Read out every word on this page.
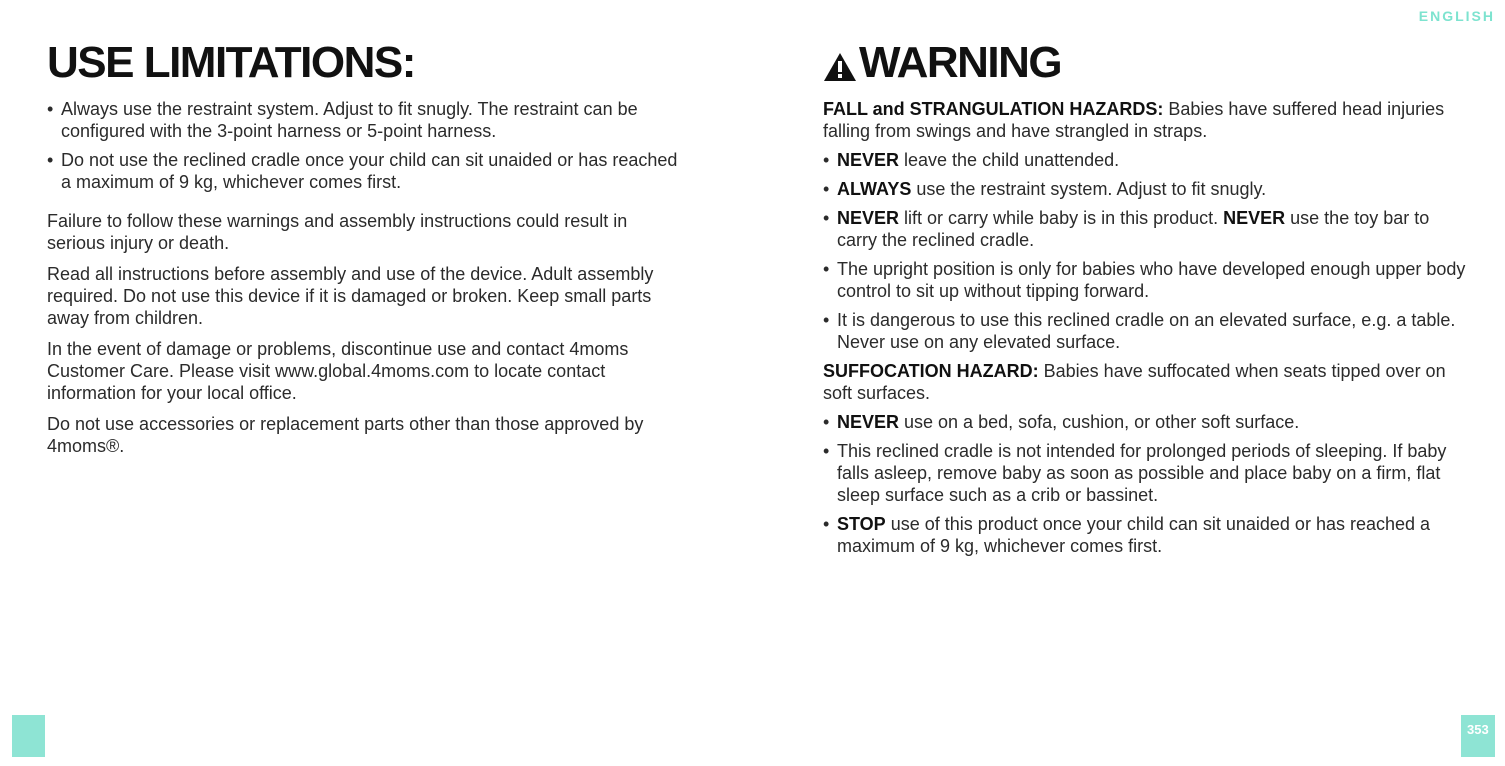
ENGLISH
USE LIMITATIONS:
• Always use the restraint system. Adjust to fit snugly. The restraint can be configured with the 3-point harness or 5-point harness.
• Do not use the reclined cradle once your child can sit unaided or has reached a maximum of 9 kg, whichever comes first.

Failure to follow these warnings and assembly instructions could result in serious injury or death.

Read all instructions before assembly and use of the device. Adult assembly required. Do not use this device if it is damaged or broken. Keep small parts away from children.

In the event of damage or problems, discontinue use and contact 4moms Customer Care. Please visit www.global.4moms.com to locate contact information for your local office.

Do not use accessories or replacement parts other than those approved by 4moms®.

WARNING

FALL and STRANGULATION HAZARDS: Babies have suffered head injuries falling from swings and have strangled in straps.

• NEVER leave the child unattended.
• ALWAYS use the restraint system. Adjust to fit snugly.
• NEVER lift or carry while baby is in this product. NEVER use the toy bar to carry the reclined cradle.
• The upright position is only for babies who have developed enough upper body control to sit up without tipping forward.
• It is dangerous to use this reclined cradle on an elevated surface, e.g. a table. Never use on any elevated surface.

SUFFOCATION HAZARD: Babies have suffocated when seats tipped over on soft surfaces.

• NEVER use on a bed, sofa, cushion, or other soft surface.
• This reclined cradle is not intended for prolonged periods of sleeping. If baby falls asleep, remove baby as soon as possible and place baby on a firm, flat sleep surface such as a crib or bassinet.
• STOP use of this product once your child can sit unaided or has reached a maximum of 9 kg, whichever comes first.
353
